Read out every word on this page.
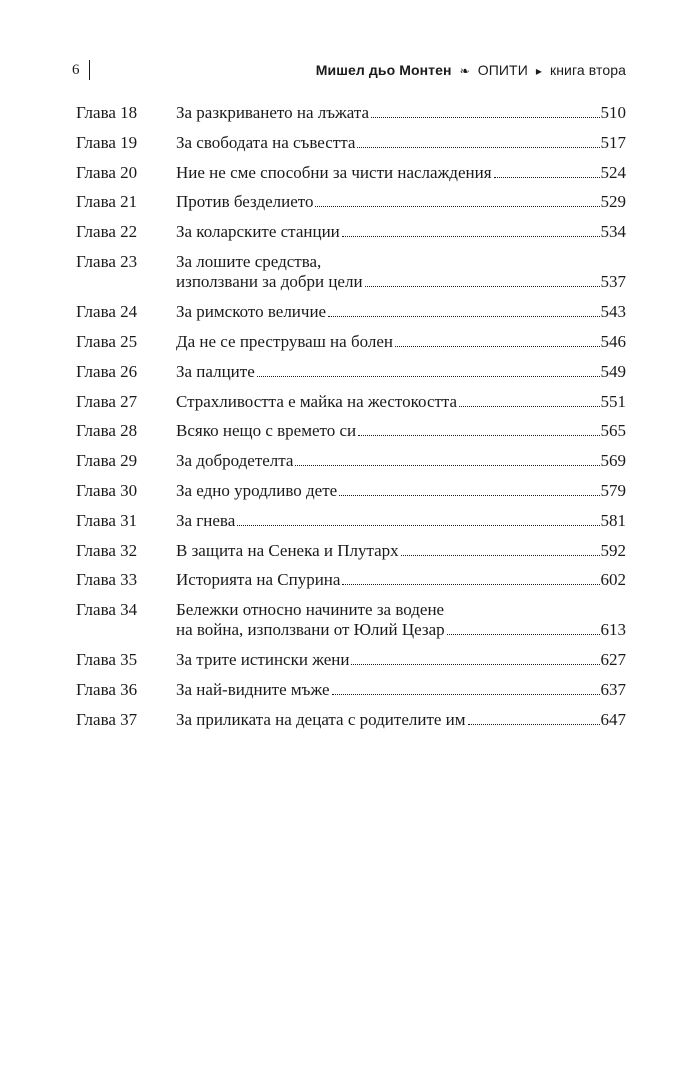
6	Мишел дьо Монтен ❧ ОПИТИ ▸ книга втора
Глава 18	За разкриването на лъжата	510
Глава 19	За свободата на съвестта	517
Глава 20	Ние не сме способни за чисти наслаждения	524
Глава 21	Против безделието	529
Глава 22	За коларските станции	534
Глава 23	За лошите средства,
използвани за добри цели	537
Глава 24	За римското величие	543
Глава 25	Да не се преструваш на болен	546
Глава 26	За палците	549
Глава 27	Страхливостта е майка на жестокостта	551
Глава 28	Всяко нещо с времето си	565
Глава 29	За добродетелта	569
Глава 30	За едно уродливо дете	579
Глава 31	За гнева	581
Глава 32	В защита на Сенека и Плутарх	592
Глава 33	Историята на Спурина	602
Глава 34	Бележки относно начините за водене
на война, използвани от Юлий Цезар	613
Глава 35	За трите истински жени	627
Глава 36	За най-видните мъже	637
Глава 37	За приликата на децата с родителите им	647
